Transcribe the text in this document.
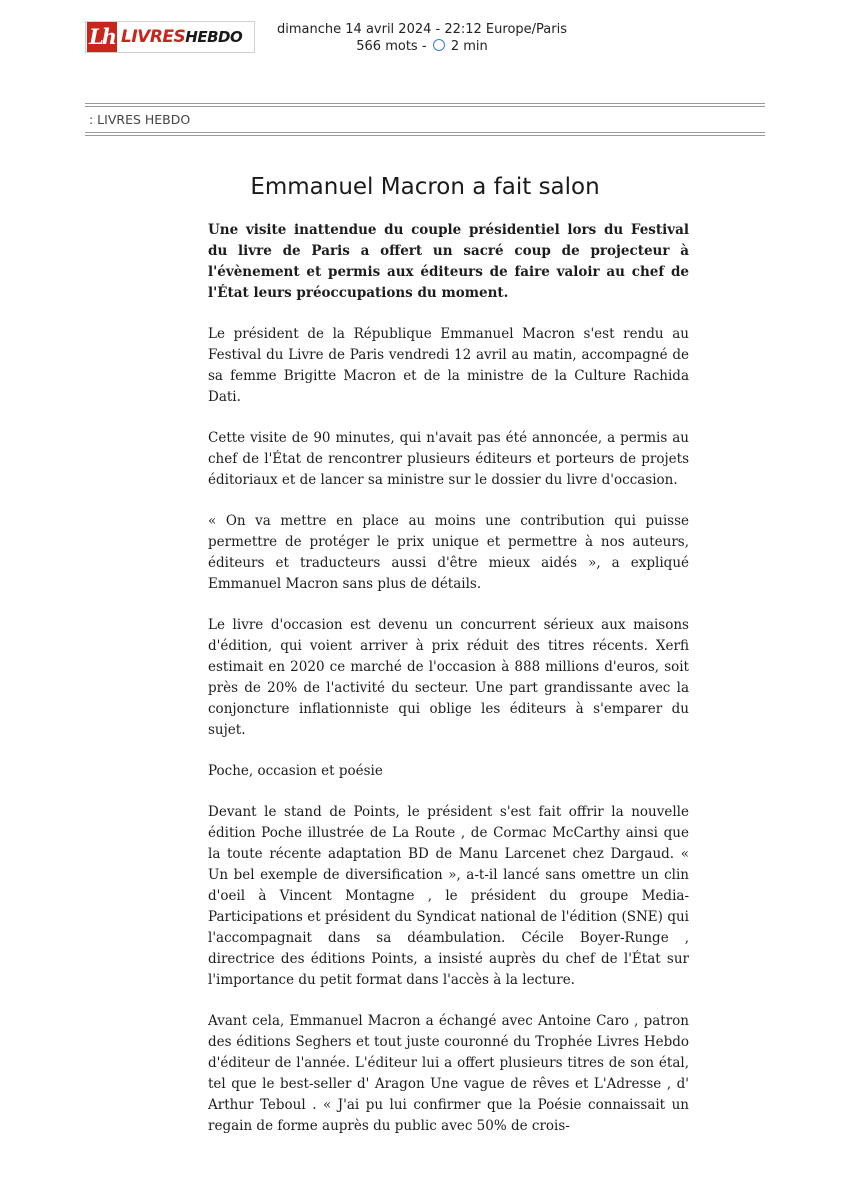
Lh LIVRESHEBDO	dimanche 14 avril 2024 - 22:12 Europe/Paris
566 mots - 2 min
: LIVRES HEBDO
Emmanuel Macron a fait salon

Une visite inattendue du couple présidentiel lors du Festival du livre de Paris a offert un sacré coup de projecteur à l'évènement et permis aux éditeurs de faire valoir au chef de l'État leurs préoccupations du moment.

Le président de la République Emmanuel Macron s'est rendu au Festival du Livre de Paris vendredi 12 avril au matin, accompagné de sa femme Brigitte Macron et de la ministre de la Culture Rachida Dati.

Cette visite de 90 minutes, qui n'avait pas été annoncée, a permis au chef de l'État de rencontrer plusieurs éditeurs et porteurs de projets éditoriaux et de lancer sa ministre sur le dossier du livre d'occasion.

« On va mettre en place au moins une contribution qui puisse permettre de protéger le prix unique et permettre à nos auteurs, éditeurs et traducteurs aussi d'être mieux aidés », a expliqué Emmanuel Macron sans plus de détails.

Le livre d'occasion est devenu un concurrent sérieux aux maisons d'édition, qui voient arriver à prix réduit des titres récents. Xerfi estimait en 2020 ce marché de l'occasion à 888 millions d'euros, soit près de 20% de l'activité du secteur. Une part grandissante avec la conjoncture inflationniste qui oblige les éditeurs à s'emparer du sujet.

Poche, occasion et poésie

Devant le stand de Points, le président s'est fait offrir la nouvelle édition Poche illustrée de La Route , de Cormac McCarthy ainsi que la toute récente adaptation BD de Manu Larcenet chez Dargaud. « Un bel exemple de diversification », a-t-il lancé sans omettre un clin d'oeil à Vincent Montagne , le président du groupe Media-Participations et président du Syndicat national de l'édition (SNE) qui l'accompagnait dans sa déambulation. Cécile Boyer-Runge , directrice des éditions Points, a insisté auprès du chef de l'État sur l'importance du petit format dans l'accès à la lecture.

Avant cela, Emmanuel Macron a échangé avec Antoine Caro , patron des éditions Seghers et tout juste couronné du Trophée Livres Hebdo d'éditeur de l'année. L'éditeur lui a offert plusieurs titres de son étal, tel que le best-seller d' Aragon Une vague de rêves et L'Adresse , d' Arthur Teboul . « J'ai pu lui confirmer que la Poésie connaissait un regain de forme auprès du public avec 50% de crois-
